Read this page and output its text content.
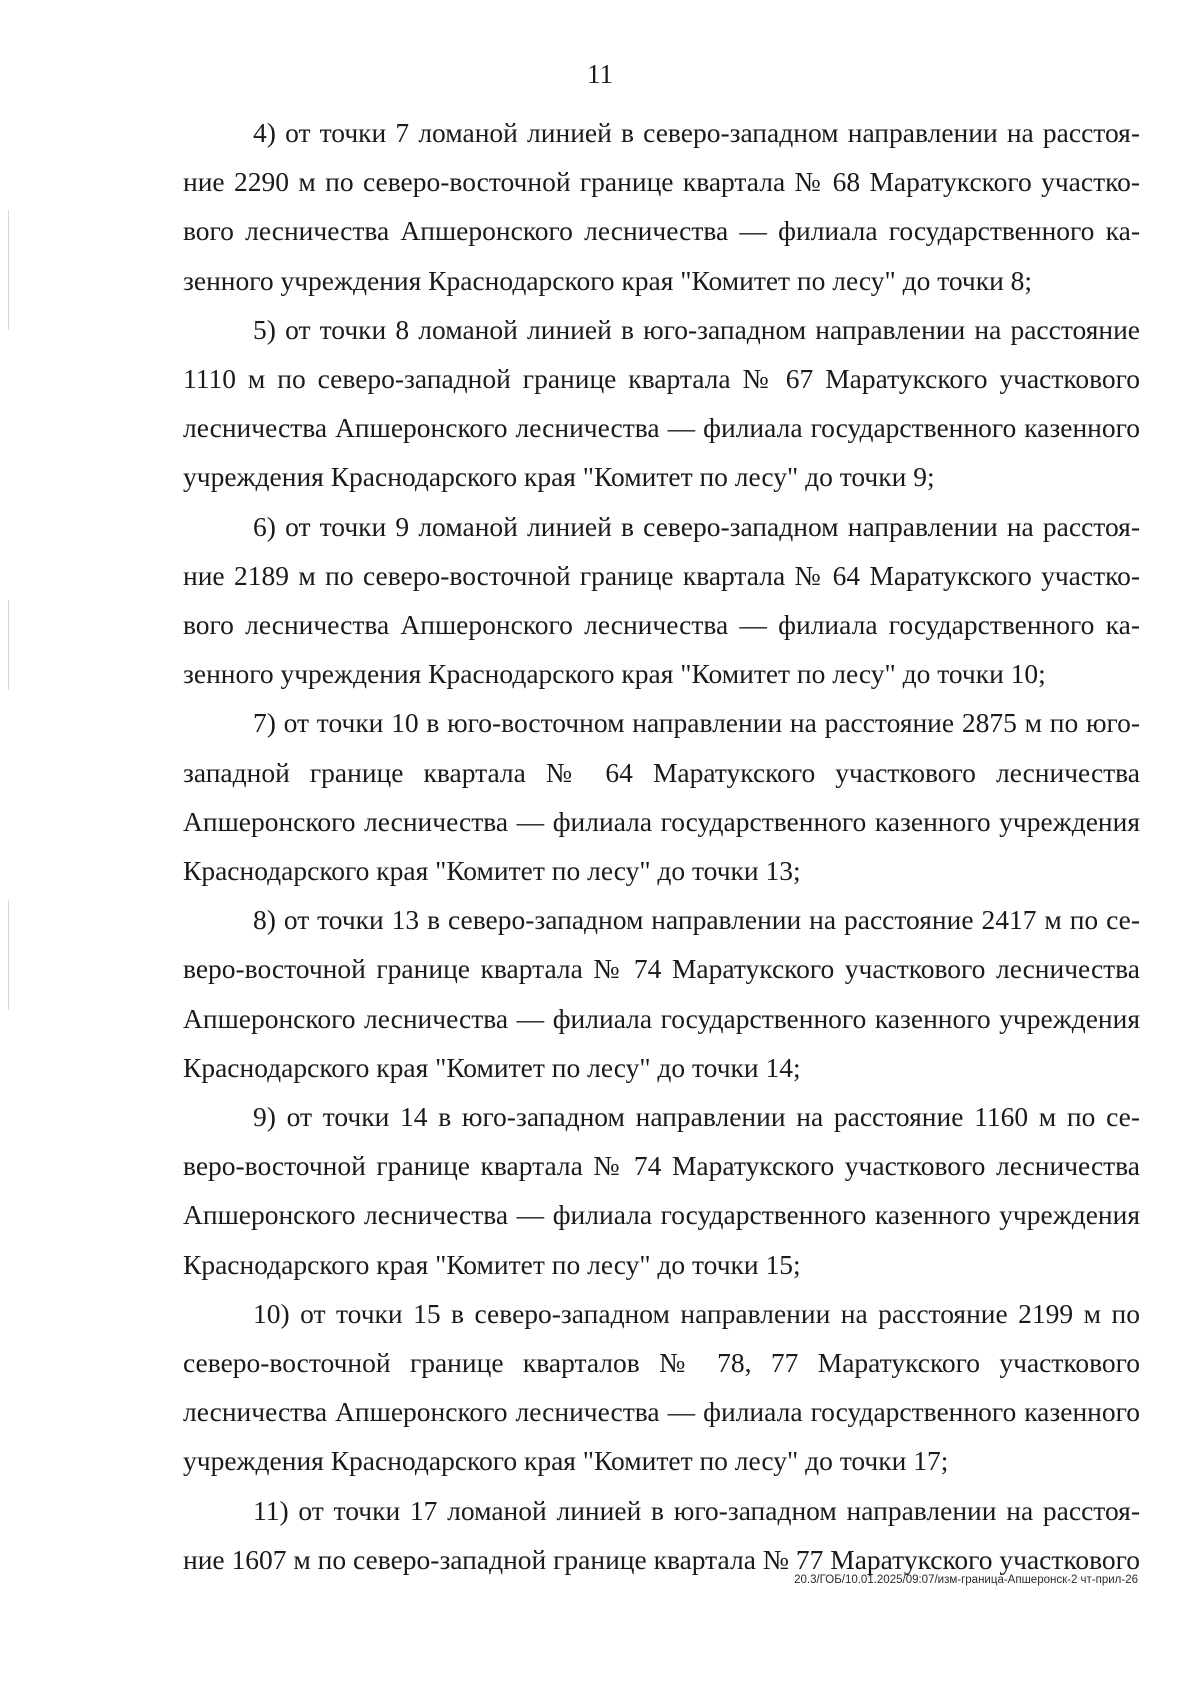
11

4) от точки 7 ломаной линией в северо-западном направлении на расстояние 2290 м по северо-восточной границе квартала № 68 Маратукского участкового лесничества Апшеронского лесничества — филиала государственного казенного учреждения Краснодарского края "Комитет по лесу" до точки 8;

5) от точки 8 ломаной линией в юго-западном направлении на расстояние 1110 м по северо-западной границе квартала № 67 Маратукского участкового лесничества Апшеронского лесничества — филиала государственного казенного учреждения Краснодарского края "Комитет по лесу" до точки 9;

6) от точки 9 ломаной линией в северо-западном направлении на расстояние 2189 м по северо-восточной границе квартала № 64 Маратукского участкового лесничества Апшеронского лесничества — филиала государственного казенного учреждения Краснодарского края "Комитет по лесу" до точки 10;

7) от точки 10 в юго-восточном направлении на расстояние 2875 м по юго-западной границе квартала № 64 Маратукского участкового лесничества Апшеронского лесничества — филиала государственного казенного учреждения Краснодарского края "Комитет по лесу" до точки 13;

8) от точки 13 в северо-западном направлении на расстояние 2417 м по северо-восточной границе квартала № 74 Маратукского участкового лесничества Апшеронского лесничества — филиала государственного казенного учреждения Краснодарского края "Комитет по лесу" до точки 14;

9) от точки 14 в юго-западном направлении на расстояние 1160 м по северо-восточной границе квартала № 74 Маратукского участкового лесничества Апшеронского лесничества — филиала государственного казенного учреждения Краснодарского края "Комитет по лесу" до точки 15;

10) от точки 15 в северо-западном направлении на расстояние 2199 м по северо-восточной границе кварталов № 78, 77 Маратукского участкового лесничества Апшеронского лесничества — филиала государственного казенного учреждения Краснодарского края "Комитет по лесу" до точки 17;

11) от точки 17 ломаной линией в юго-западном направлении на расстояние 1607 м по северо-западной границе квартала № 77 Маратукского участкового

20.3/ГОБ/10.01.2025/09:07/изм-граница-Апшеронск-2 чт-прил-26
